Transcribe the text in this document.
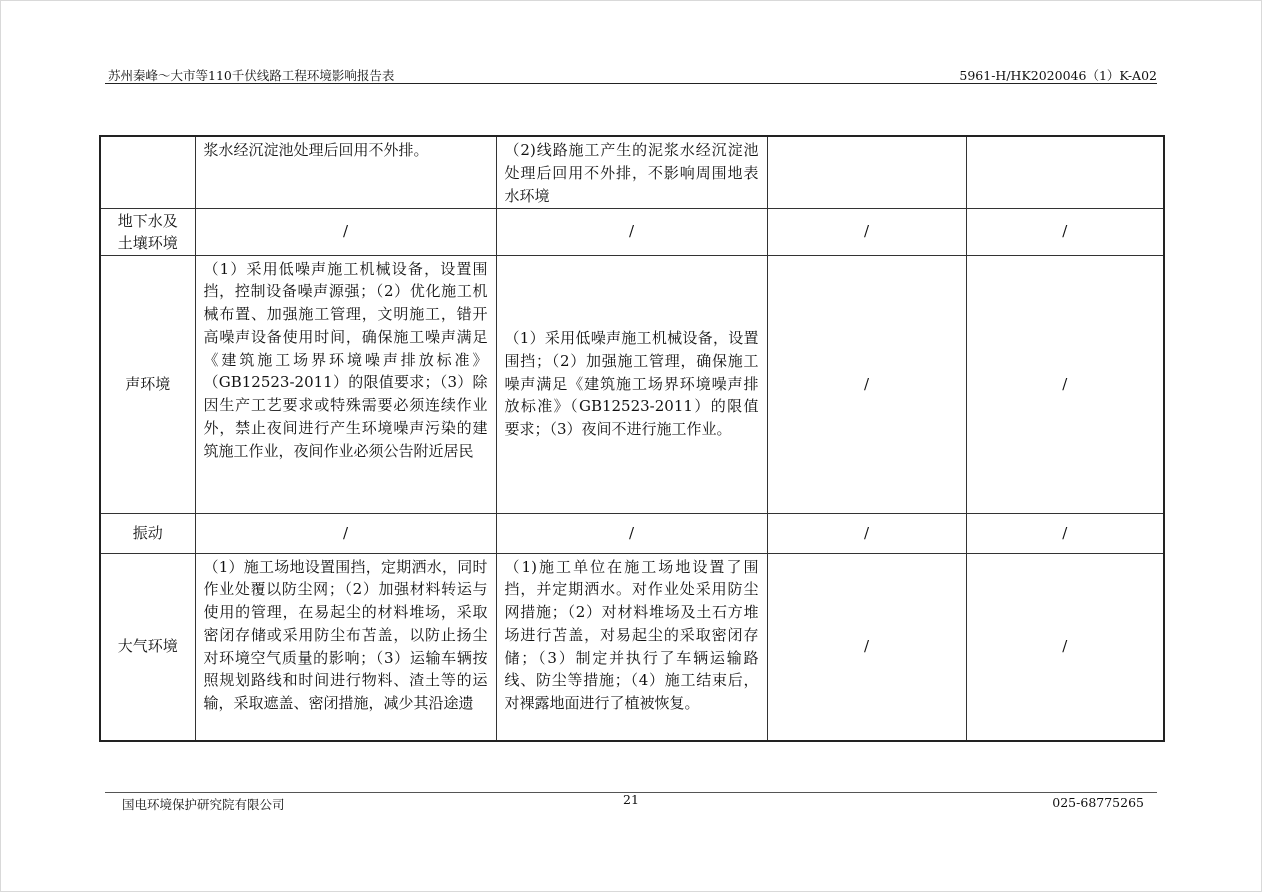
苏州秦峰～大市等110千伏线路工程环境影响报告表	5961-H/HK2020046（1）K-A02
	浆水经沉淀池处理后回用不外排。	（2)线路施工产生的泥浆水经沉淀池处理后回用不外排，不影响周围地表水环境		

地下水及
土壤环境	/	/	/	/
声环境	（1）采用低噪声施工机械设备，设置围挡，控制设备噪声源强；（2）优化施工机械布置、加强施工管理，文明施工，错开高噪声设备使用时间，确保施工噪声满足《建筑施工场界环境噪声排放标准》（GB12523-2011）的限值要求；（3）除因生产工艺要求或特殊需要必须连续作业外，禁止夜间进行产生环境噪声污染的建筑施工作业，夜间作业必须公告附近居民	（1）采用低噪声施工机械设备，设置围挡；（2）加强施工管理，确保施工噪声满足《建筑施工场界环境噪声排放标准》（GB12523-2011）的限值要求；（3）夜间不进行施工作业。	/	/
振动	/	/	/	/
大气环境	（1）施工场地设置围挡，定期洒水，同时作业处覆以防尘网；（2）加强材料转运与使用的管理，在易起尘的材料堆场，采取密闭存储或采用防尘布苫盖，以防止扬尘对环境空气质量的影响；（3）运输车辆按照规划路线和时间进行物料、渣土等的运输，采取遮盖、密闭措施，减少其沿途遗	（1)施工单位在施工场地设置了围挡，并定期洒水。对作业处采用防尘网措施；（2）对材料堆场及土石方堆场进行苫盖，对易起尘的采取密闭存储；（3）制定并执行了车辆运输路线、防尘等措施；（4）施工结束后，对裸露地面进行了植被恢复。	/	/
国电环境保护研究院有限公司	21	025-68775265
